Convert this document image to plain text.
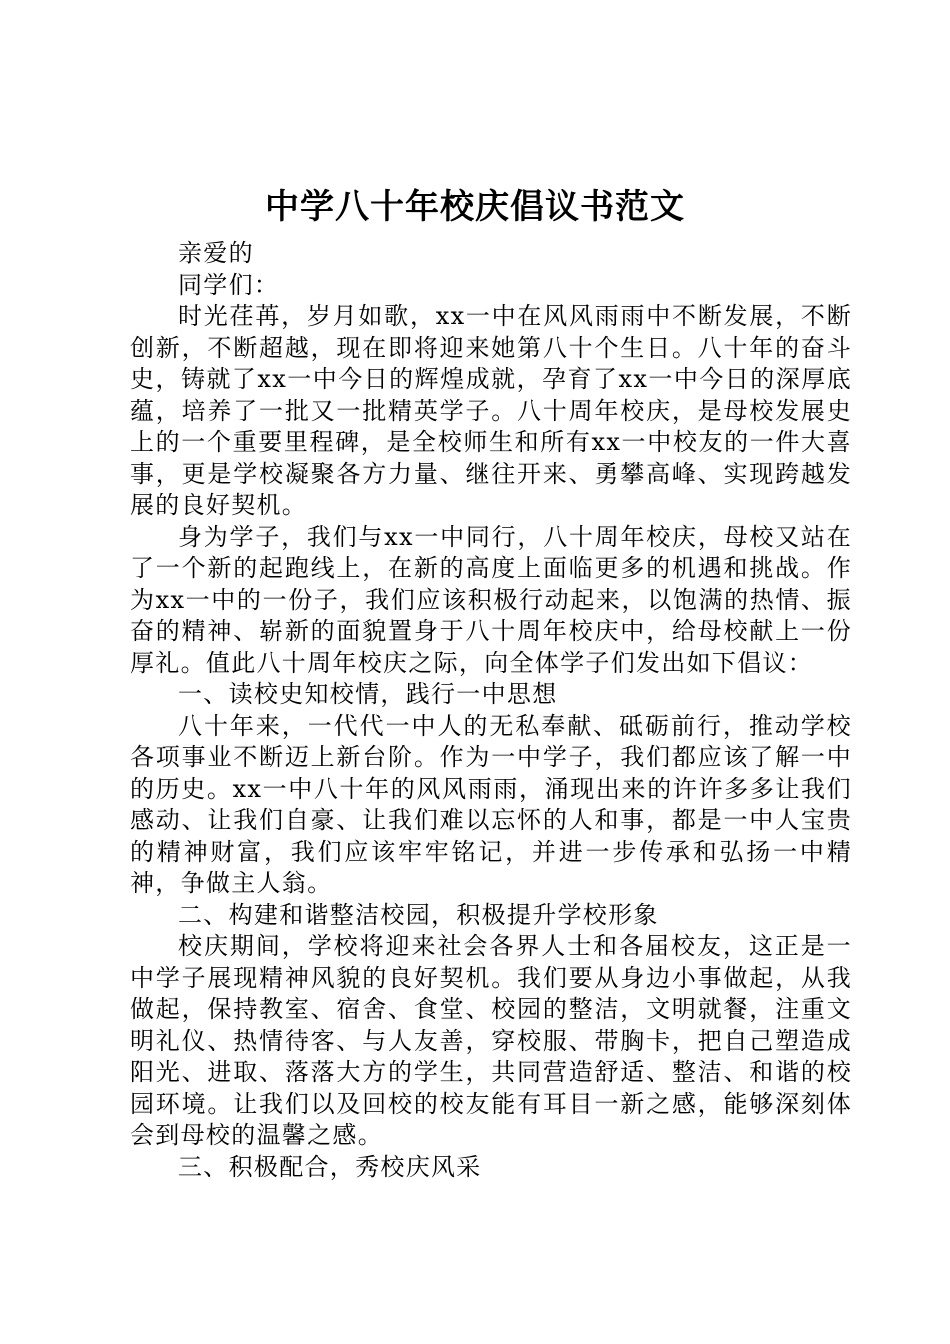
中学八十年校庆倡议书范文

亲爱的

同学们：

时光荏苒，岁月如歌，xx一中在风风雨雨中不断发展，不断创新，不断超越，现在即将迎来她第八十个生日。八十年的奋斗史，铸就了xx一中今日的辉煌成就，孕育了xx一中今日的深厚底蕴，培养了一批又一批精英学子。八十周年校庆，是母校发展史上的一个重要里程碑，是全校师生和所有xx一中校友的一件大喜事，更是学校凝聚各方力量、继往开来、勇攀高峰、实现跨越发展的良好契机。

身为学子，我们与xx一中同行，八十周年校庆，母校又站在了一个新的起跑线上，在新的高度上面临更多的机遇和挑战。作为xx一中的一份子，我们应该积极行动起来，以饱满的热情、振奋的精神、崭新的面貌置身于八十周年校庆中，给母校献上一份厚礼。值此八十周年校庆之际，向全体学子们发出如下倡议：

一、读校史知校情，践行一中思想

八十年来，一代代一中人的无私奉献、砥砺前行，推动学校各项事业不断迈上新台阶。作为一中学子，我们都应该了解一中的历史。xx一中八十年的风风雨雨，涌现出来的许许多多让我们感动、让我们自豪、让我们难以忘怀的人和事，都是一中人宝贵的精神财富，我们应该牢牢铭记，并进一步传承和弘扬一中精神，争做主人翁。

二、构建和谐整洁校园，积极提升学校形象

校庆期间，学校将迎来社会各界人士和各届校友，这正是一中学子展现精神风貌的良好契机。我们要从身边小事做起，从我做起，保持教室、宿舍、食堂、校园的整洁，文明就餐，注重文明礼仪、热情待客、与人友善，穿校服、带胸卡，把自己塑造成阳光、进取、落落大方的学生，共同营造舒适、整洁、和谐的校园环境。让我们以及回校的校友能有耳目一新之感，能够深刻体会到母校的温馨之感。

三、积极配合，秀校庆风采
